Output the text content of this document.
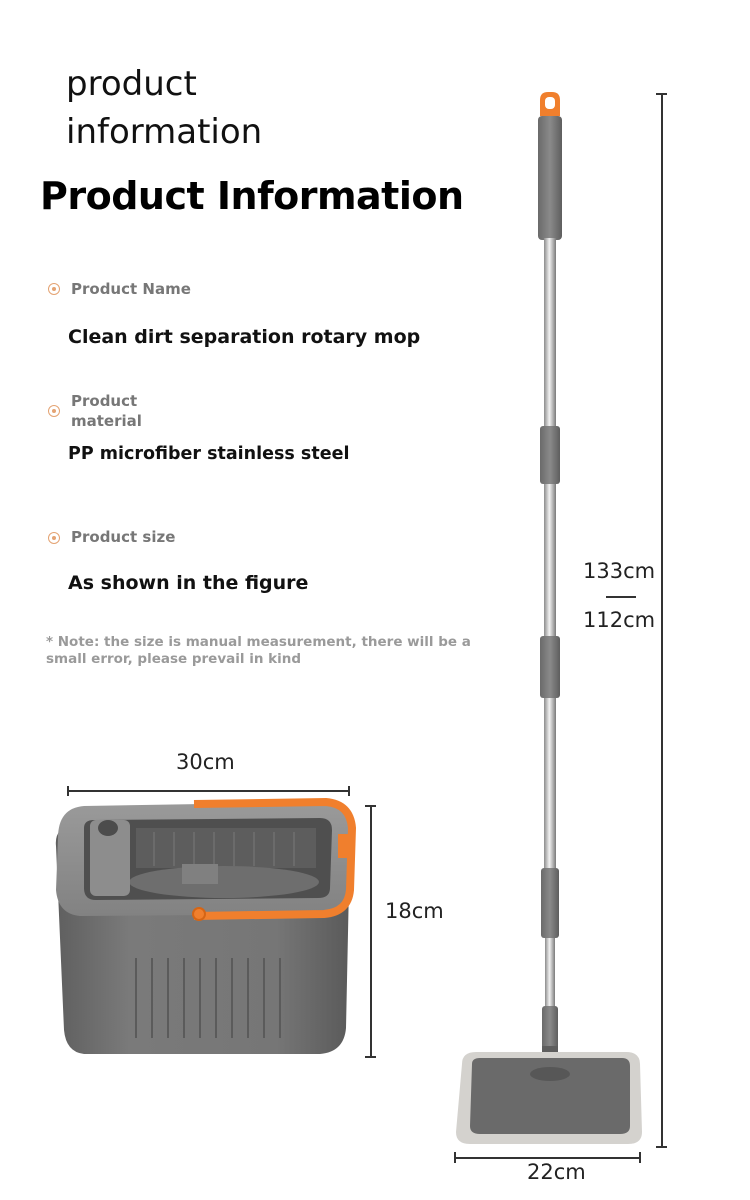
product information
Product Information
Product Name
Clean dirt separation rotary mop
Product material
PP microfiber stainless steel
Product size
As shown in the figure
* Note: the size is manual measurement, there will be a small error, please prevail in kind
30cm
18cm
133cm
112cm
22cm
